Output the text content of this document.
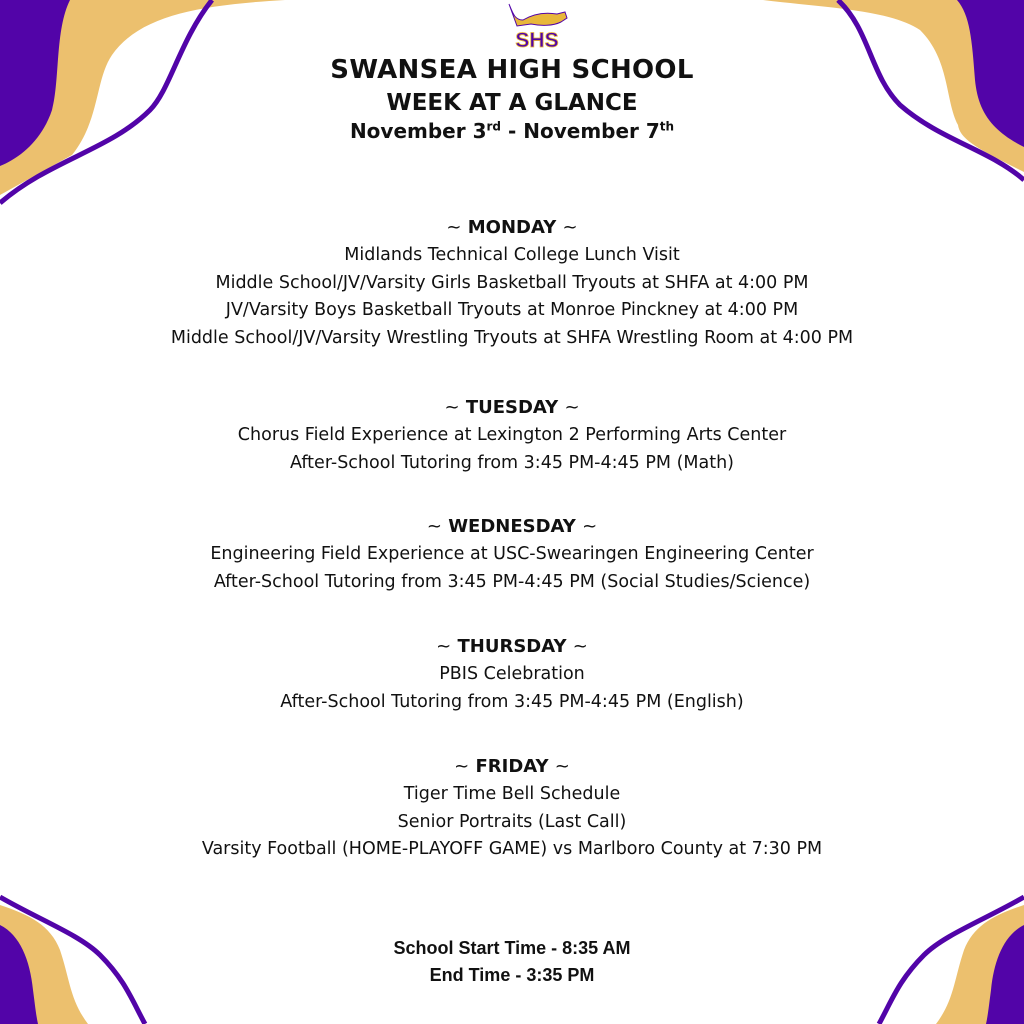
SHS
SWANSEA HIGH SCHOOL
WEEK AT A GLANCE
November 3rd - November 7th
~ MONDAY ~
Midlands Technical College Lunch Visit
Middle School/JV/Varsity Girls Basketball Tryouts at SHFA at 4:00 PM
JV/Varsity Boys Basketball Tryouts at Monroe Pinckney at 4:00 PM
Middle School/JV/Varsity Wrestling Tryouts at SHFA Wrestling Room at 4:00 PM
~ TUESDAY ~
Chorus Field Experience at Lexington 2 Performing Arts Center
After-School Tutoring from 3:45 PM-4:45 PM (Math)
~ WEDNESDAY ~
Engineering Field Experience at USC-Swearingen Engineering Center
After-School Tutoring from 3:45 PM-4:45 PM (Social Studies/Science)
~ THURSDAY ~
PBIS Celebration
After-School Tutoring from 3:45 PM-4:45 PM (English)
~ FRIDAY ~
Tiger Time Bell Schedule
Senior Portraits (Last Call)
Varsity Football (HOME-PLAYOFF GAME) vs Marlboro County at 7:30 PM
School Start Time - 8:35 AM
End Time - 3:35 PM
